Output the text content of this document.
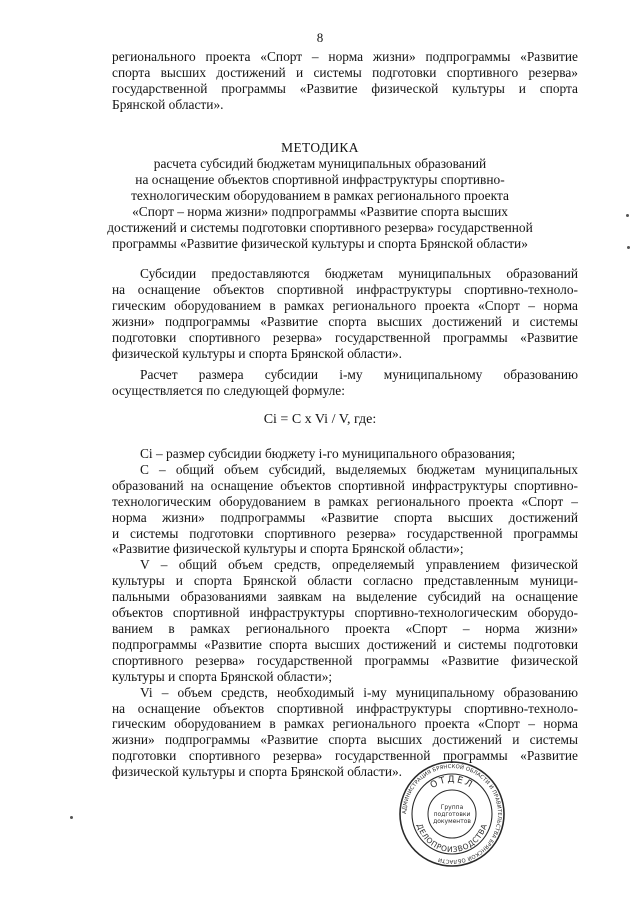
8
регионального проекта «Спорт – норма жизни» подпрограммы «Развитие
спорта высших достижений и системы подготовки спортивного резерва»
государственной программы «Развитие физической культуры и спорта
Брянской области».
МЕТОДИКА
расчета субсидий бюджетам муниципальных образований
на оснащение объектов спортивной инфраструктуры спортивно-
технологическим оборудованием в рамках регионального проекта
«Спорт – норма жизни» подпрограммы «Развитие спорта высших
достижений и системы подготовки спортивного резерва» государственной
программы «Развитие физической культуры и спорта Брянской области»
Субсидии предоставляются бюджетам муниципальных образований
на оснащение объектов спортивной инфраструктуры спортивно-техноло-
гическим оборудованием в рамках регионального проекта «Спорт – норма
жизни» подпрограммы «Развитие спорта высших достижений и системы
подготовки спортивного резерва» государственной программы «Развитие
физической культуры и спорта Брянской области».
Расчет размера субсидии i-му муниципальному образованию
осуществляется по следующей формуле:
Ci = С x Vi / V, где:
Ci – размер субсидии бюджету i-го муниципального образования;
С – общий объем субсидий, выделяемых бюджетам муниципальных
образований на оснащение объектов спортивной инфраструктуры спортивно-
технологическим оборудованием в рамках регионального проекта «Спорт –
норма жизни» подпрограммы «Развитие спорта высших достижений
и системы подготовки спортивного резерва» государственной программы
«Развитие физической культуры и спорта Брянской области»;
V – общий объем средств, определяемый управлением физической
культуры и спорта Брянской области согласно представленным муници-
пальными образованиями заявкам на выделение субсидий на оснащение
объектов спортивной инфраструктуры спортивно-технологическим оборудо-
ванием в рамках регионального проекта «Спорт – норма жизни»
подпрограммы «Развитие спорта высших достижений и системы подготовки
спортивного резерва» государственной программы «Развитие физической
культуры и спорта Брянской области»;
Vi – объем средств, необходимый i-му муниципальному образованию
на оснащение объектов спортивной инфраструктуры спортивно-техноло-
гическим оборудованием в рамках регионального проекта «Спорт – норма
жизни» подпрограммы «Развитие спорта высших достижений и системы
подготовки спортивного резерва» государственной программы «Развитие
физической культуры и спорта Брянской области».
АДМИНИСТРАЦИЯ БРЯНСКОЙ ОБЛАСТИ И ПРАВИТЕЛЬСТВА БРЯНСКОЙ ОБЛАСТИ
ОТДЕЛ
ДЕЛОПРОИЗВОДСТВА
Группа
подготовки
документов
